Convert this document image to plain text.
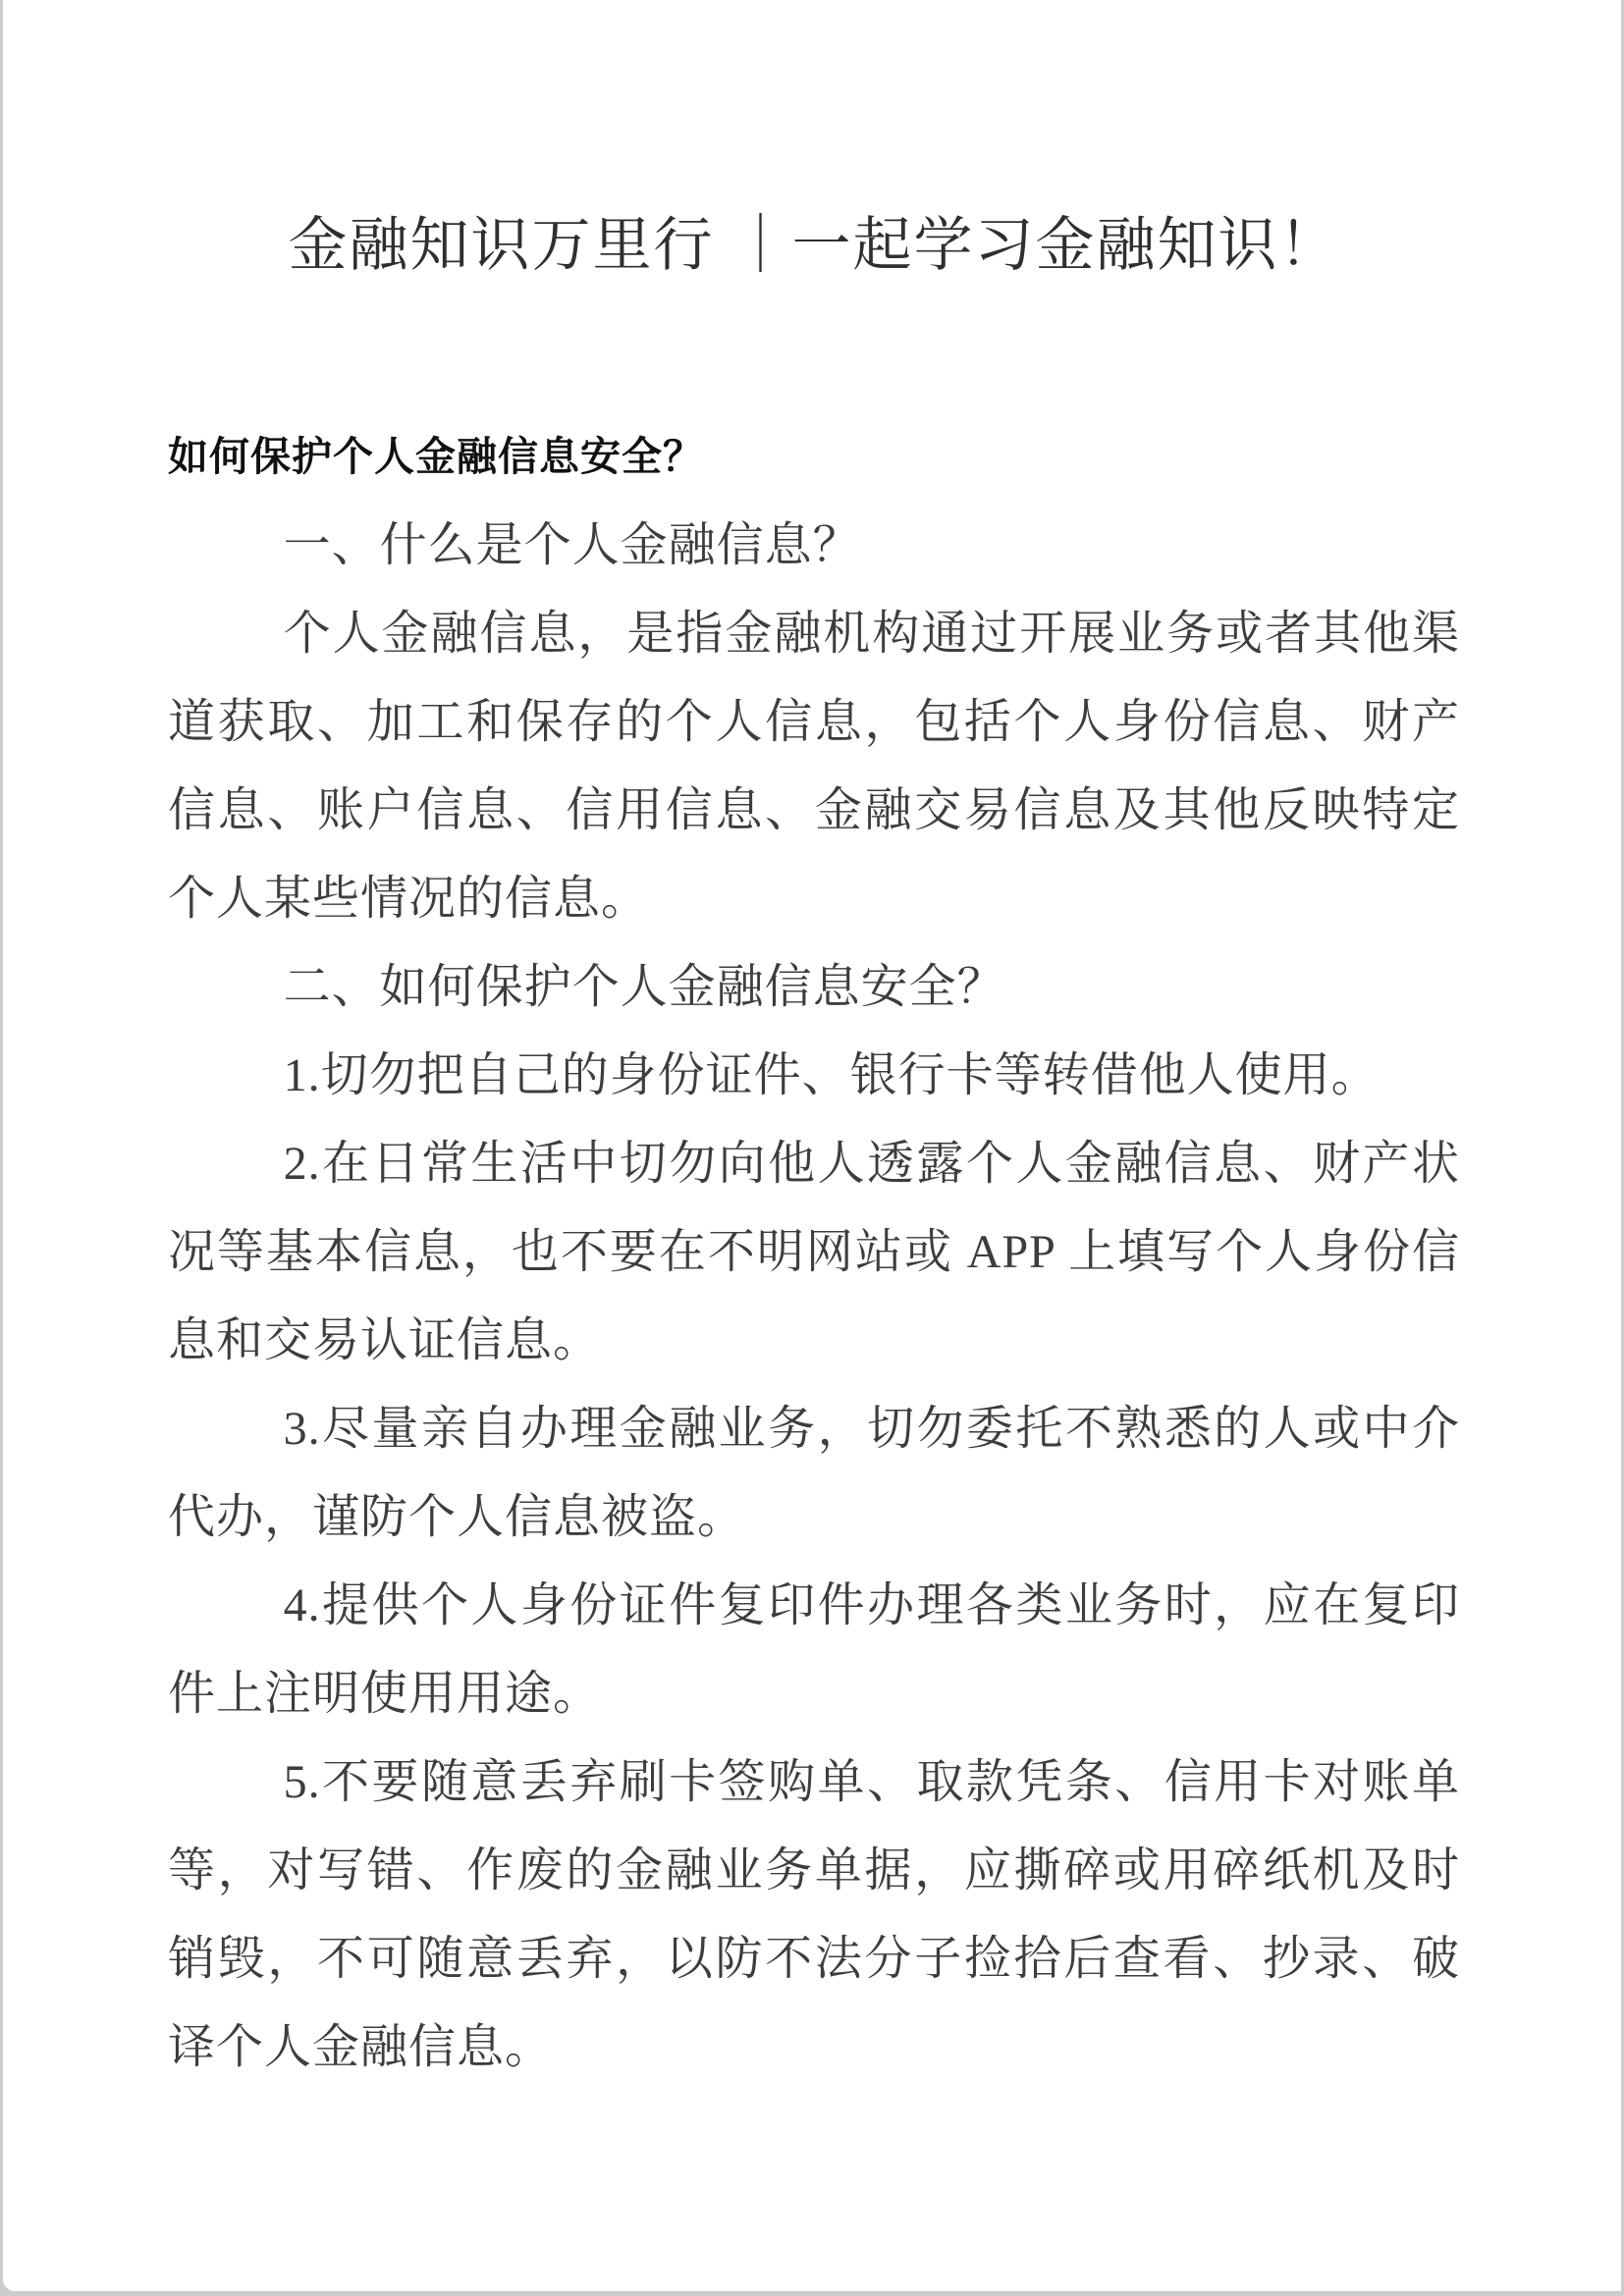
金融知识万里行 ｜一起学习金融知识！
如何保护个人金融信息安全？

一、什么是个人金融信息？

个人金融信息，是指金融机构通过开展业务或者其他渠道获取、加工和保存的个人信息，包括个人身份信息、财产信息、账户信息、信用信息、金融交易信息及其他反映特定个人某些情况的信息。

二、如何保护个人金融信息安全？

1.切勿把自己的身份证件、银行卡等转借他人使用。

2.在日常生活中切勿向他人透露个人金融信息、财产状况等基本信息，也不要在不明网站或 APP 上填写个人身份信息和交易认证信息。

3.尽量亲自办理金融业务，切勿委托不熟悉的人或中介代办，谨防个人信息被盗。

4.提供个人身份证件复印件办理各类业务时，应在复印件上注明使用用途。

5.不要随意丢弃刷卡签购单、取款凭条、信用卡对账单等，对写错、作废的金融业务单据，应撕碎或用碎纸机及时销毁，不可随意丢弃，以防不法分子捡拾后查看、抄录、破译个人金融信息。
